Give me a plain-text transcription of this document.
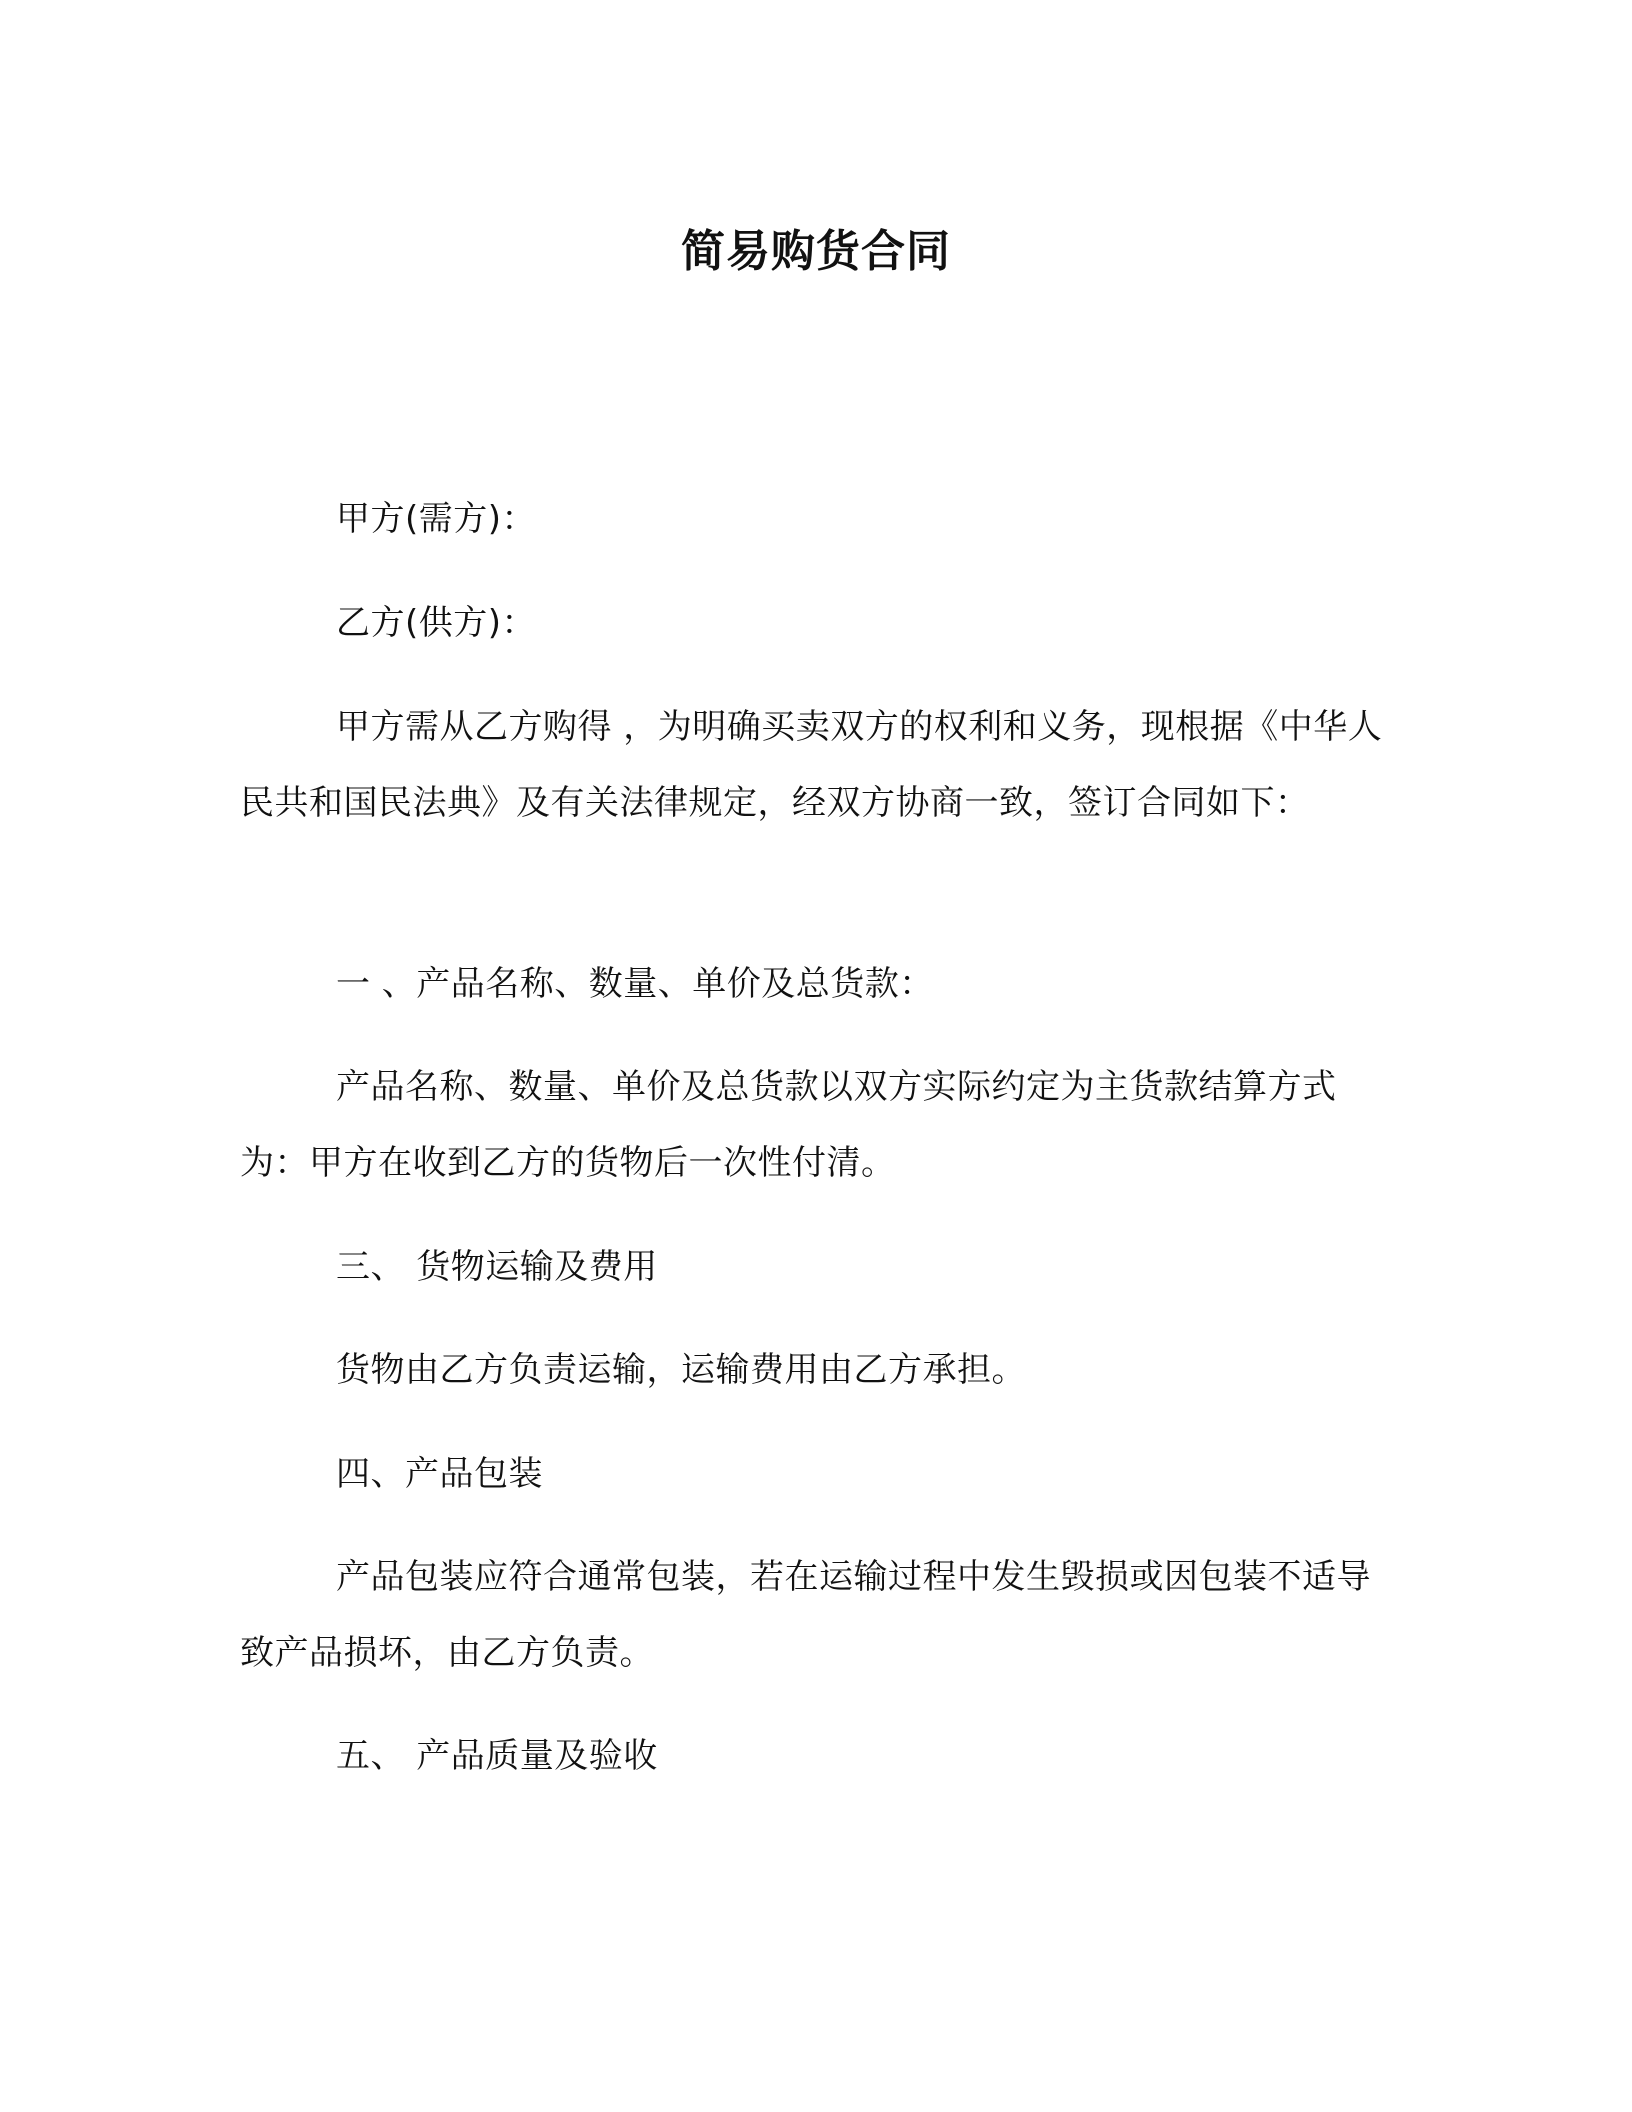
简易购货合同

甲方(需方)：

乙方(供方)：

甲方需从乙方购得 ，为明确买卖双方的权利和义务，现根据《中华人民共和国民法典》及有关法律规定，经双方协商一致，签订合同如下：

一 、产品名称、数量、单价及总货款：

产品名称、数量、单价及总货款以双方实际约定为主货款结算方式为：甲方在收到乙方的货物后一次性付清。

三、 货物运输及费用

货物由乙方负责运输，运输费用由乙方承担。

四、产品包装

产品包装应符合通常包装，若在运输过程中发生毁损或因包装不适导致产品损坏，由乙方负责。

五、 产品质量及验收
